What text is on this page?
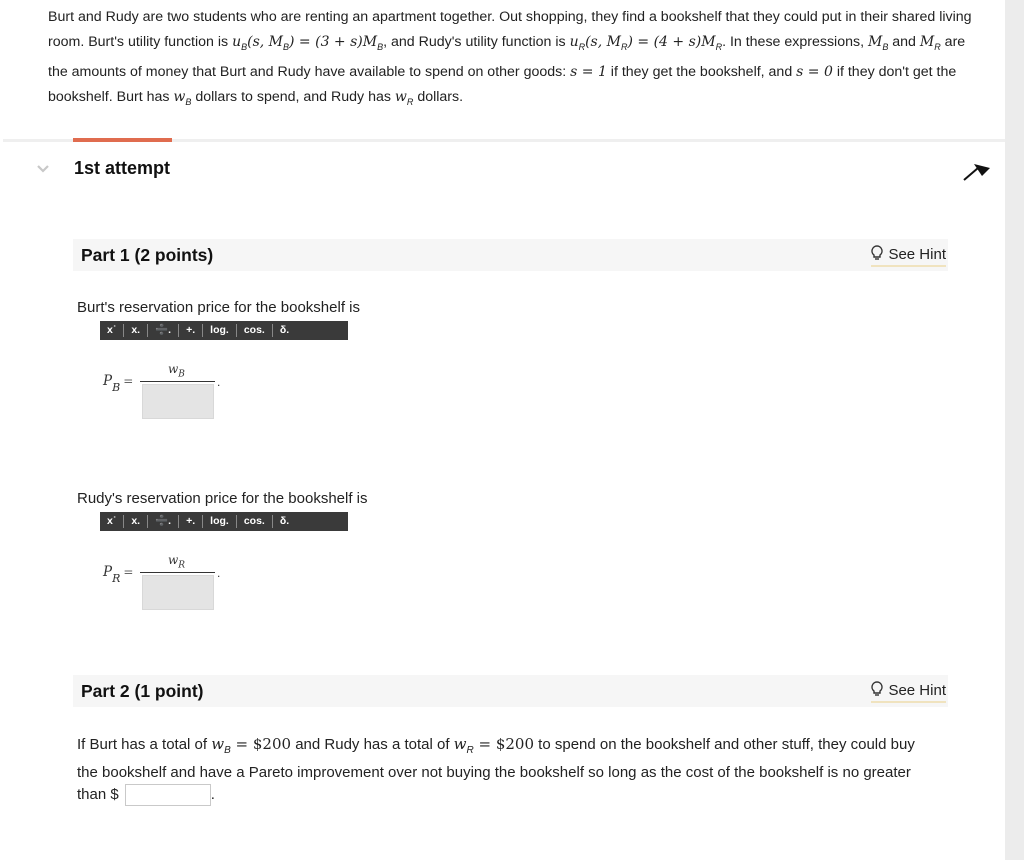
Burt and Rudy are two students who are renting an apartment together. Out shopping, they find a bookshelf that they could put in their shared living room. Burt's utility function is $u_B(s$, $M_B) = (3 + s)M_B$, and Rudy's utility function is $u_R(s$, $M_R) = (4 + s)M_R$. In these expressions, $M_B$ and $M_R$ are the amounts of money that Burt and Rudy have available to spend on other goods: s = 1 if they get the bookshelf, and s = 0 if they don't get the bookshelf. Burt has $w_B$ dollars to spend, and Rudy has $w_R$ dollars.
1st attempt
Part 1 (2 points)	See Hint
Burt's reservation price for the bookshelf is
x˙	x.	➗.	+.	log.	cos.	δ.
$P_B$ =
$w_B$
.
Rudy's reservation price for the bookshelf is
x˙	x.	➗.	+.	log.	cos.	δ.
$P_R$ =
$w_R$
.
Part 2 (1 point)	See Hint
If Burt has a total of $w_B$ = $200 and Rudy has a total of $w_R$ = $200 to spend on the bookshelf and other stuff, they could buy the bookshelf and have a Pareto improvement over not buying the bookshelf so long as the cost of the bookshelf is no greater than $	.
